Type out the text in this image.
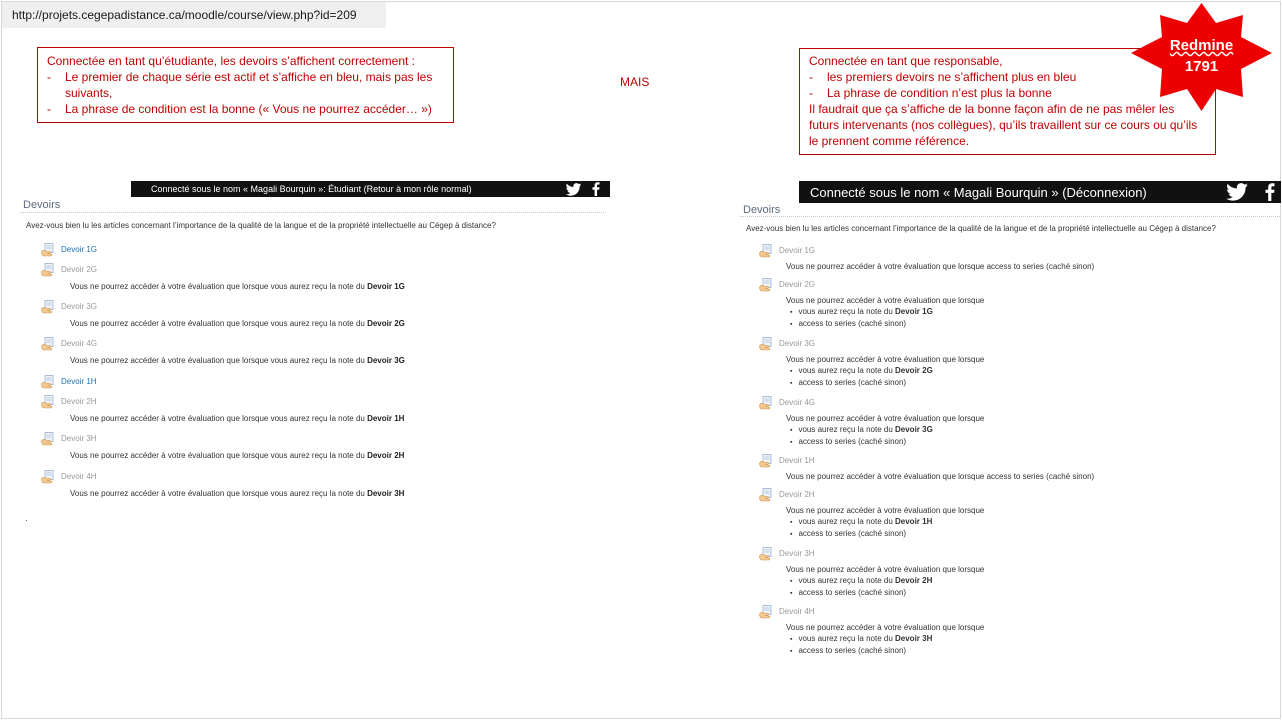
http://projets.cegepadistance.ca/moodle/course/view.php?id=209
Connectée en tant qu’étudiante, les devoirs s’affichent correctement :
-	Le premier de chaque série est actif et s’affiche en bleu, mais pas les suivants,
-	La phrase de condition est la bonne (« Vous ne pourrez accéder… »)
MAIS
Connectée en tant que responsable,
-	les premiers devoirs ne s’affichent plus en bleu
-	La phrase de condition n’est plus la bonne
Il faudrait que ça s’affiche de la bonne façon afin de ne pas mêler les futurs intervenants (nos collègues), qu’ils travaillent sur ce cours ou qu’ils le prennent comme référence.
Redmine
1791
Connecté sous le nom « Magali Bourquin »: Étudiant (Retour à mon rôle normal)	Connecté sous le nom « Magali Bourquin » (Déconnexion)
Devoirs
Avez-vous bien lu les articles concernant l’importance de la qualité de la langue et de la propriété intellectuelle au Cégep à distance?
Devoirs
Avez-vous bien lu les articles concernant l’importance de la qualité de la langue et de la propriété intellectuelle au Cégep à distance?
Devoir 1G
Devoir 2G
Vous ne pourrez accéder à votre évaluation que lorsque vous aurez reçu la note du Devoir 1G
Devoir 3G
Vous ne pourrez accéder à votre évaluation que lorsque vous aurez reçu la note du Devoir 2G
Devoir 4G
Vous ne pourrez accéder à votre évaluation que lorsque vous aurez reçu la note du Devoir 3G
Devoir 1H
Devoir 2H
Vous ne pourrez accéder à votre évaluation que lorsque vous aurez reçu la note du Devoir 1H
Devoir 3H
Vous ne pourrez accéder à votre évaluation que lorsque vous aurez reçu la note du Devoir 2H
Devoir 4H
Vous ne pourrez accéder à votre évaluation que lorsque vous aurez reçu la note du Devoir 3H
Devoir 1G
Vous ne pourrez accéder à votre évaluation que lorsque access to series (caché sinon)
Devoir 2G
Vous ne pourrez accéder à votre évaluation que lorsque
▪ vous aurez reçu la note du Devoir 1G
▪ access to series (caché sinon)
Devoir 3G
Vous ne pourrez accéder à votre évaluation que lorsque
▪ vous aurez reçu la note du Devoir 2G
▪ access to series (caché sinon)
Devoir 4G
Vous ne pourrez accéder à votre évaluation que lorsque
▪ vous aurez reçu la note du Devoir 3G
▪ access to series (caché sinon)
Devoir 1H
Vous ne pourrez accéder à votre évaluation que lorsque access to series (caché sinon)
Devoir 2H
Vous ne pourrez accéder à votre évaluation que lorsque
▪ vous aurez reçu la note du Devoir 1H
▪ access to series (caché sinon)
Devoir 3H
Vous ne pourrez accéder à votre évaluation que lorsque
▪ vous aurez reçu la note du Devoir 2H
▪ access to series (caché sinon)
Devoir 4H
Vous ne pourrez accéder à votre évaluation que lorsque
▪ vous aurez reçu la note du Devoir 3H
▪ access to series (caché sinon)
.
